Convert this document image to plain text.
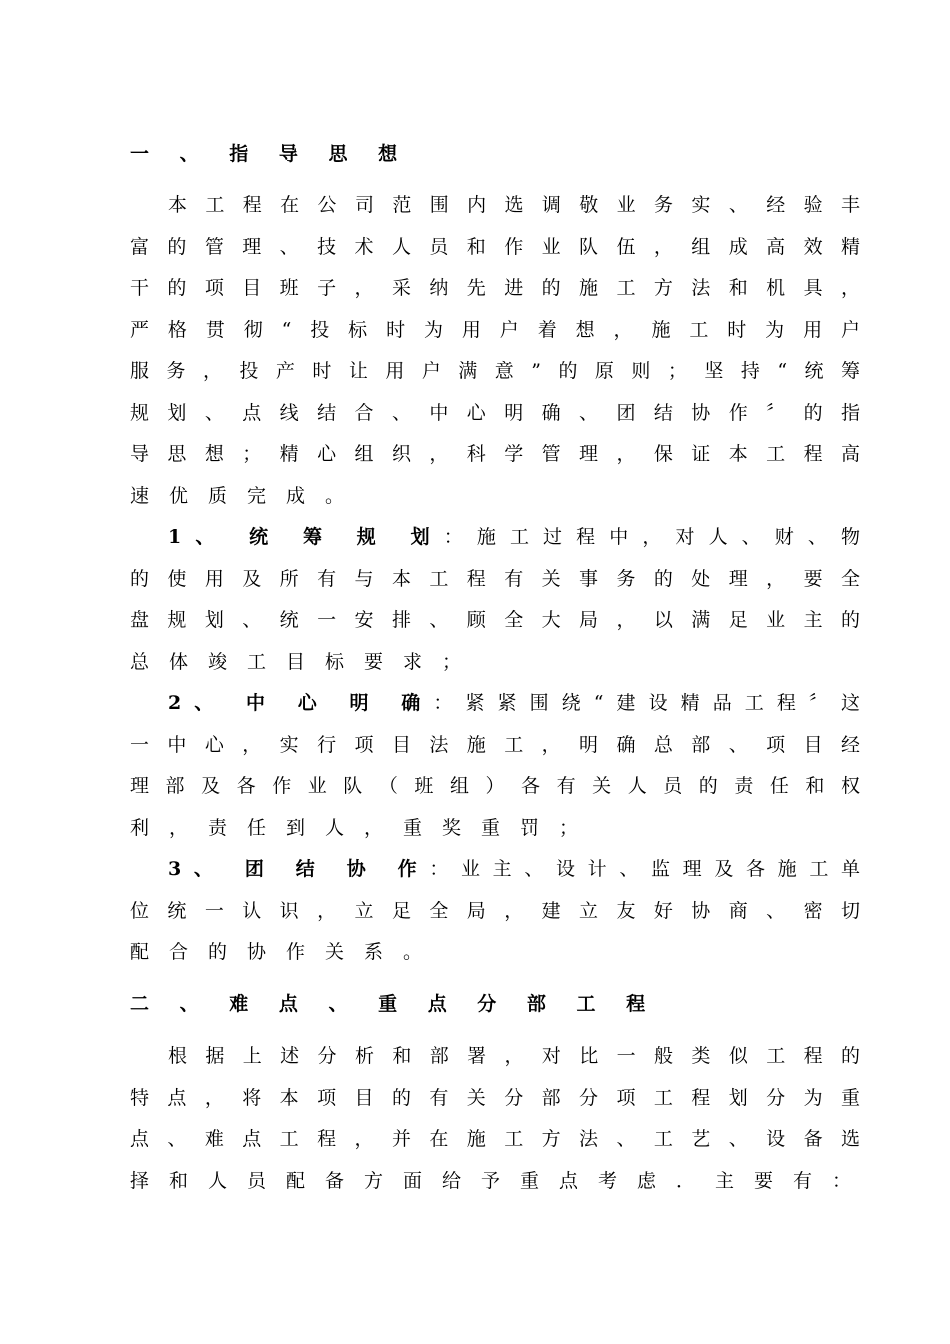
一 、 指 导 思 想
本工程在公司范围内选调敬业务实、经验丰
富的管理、技术人员和作业队伍，组成高效精
干的项目班子，采纳先进的施工方法和机具，
严格贯彻“投标时为用户着想，施工时为用户
服务，投产时让用户满意”的原则；坚持“统筹
规划、点线结合、中心明确、团结协作〞的指
导思想；精心组织，科学管理，保证本工程高
速优质完成。
1、 统 筹 规 划：施工过程中，对人、财、物
的使用及所有与本工程有关事务的处理，要全
盘规划、统一安排、顾全大局，以满足业主的
总体竣工目标要求；
2、 中 心 明 确：紧紧围绕“建设精品工程〞这
一中心，实行项目法施工，明确总部、项目经
理部及各作业队（班组）各有关人员的责任和权
利，责任到人，重奖重罚；
3、 团 结 协 作：业主、设计、监理及各施工单
位统一认识，立足全局，建立友好协商、密切
配合的协作关系。
二 、 难 点 、 重 点 分 部 工 程
根据上述分析和部署，对比一般类似工程的
特点，将本项目的有关分部分项工程划分为重
点、难点工程，并在施工方法、工艺、设备选
择和人员配备方面给予重点考虑．主要有：
